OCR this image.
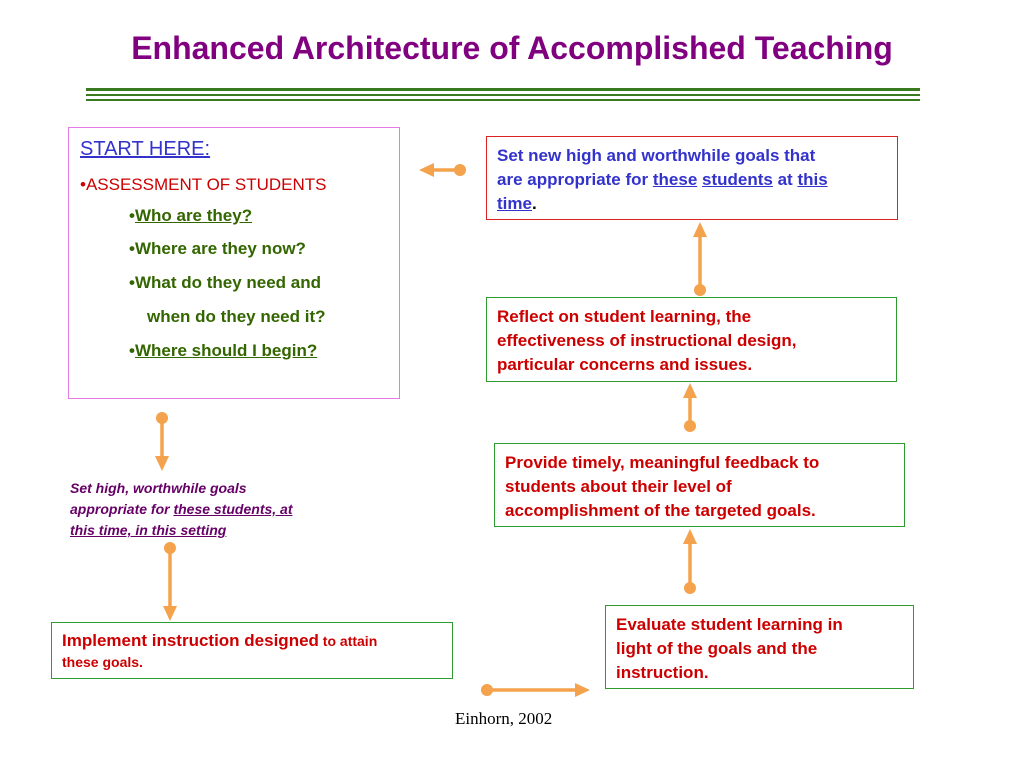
Enhanced Architecture of Accomplished Teaching
START HERE:
•ASSESSMENT OF STUDENTS
•Who are they?
•Where are they now?
•What do they need and
when do they need it?
•Where should I begin?
Set new high and worthwhile goals that
are appropriate for these students at this
time.
Reflect on student learning, the
effectiveness of instructional design,
particular concerns and issues.
Provide timely, meaningful feedback to
students about their level of
accomplishment of the targeted goals.
Evaluate student learning in
light of the goals and the
instruction.
Set high, worthwhile goals
appropriate for these students, at
this time, in this setting
Implement instruction designed to attain
these goals.
Einhorn, 2002
